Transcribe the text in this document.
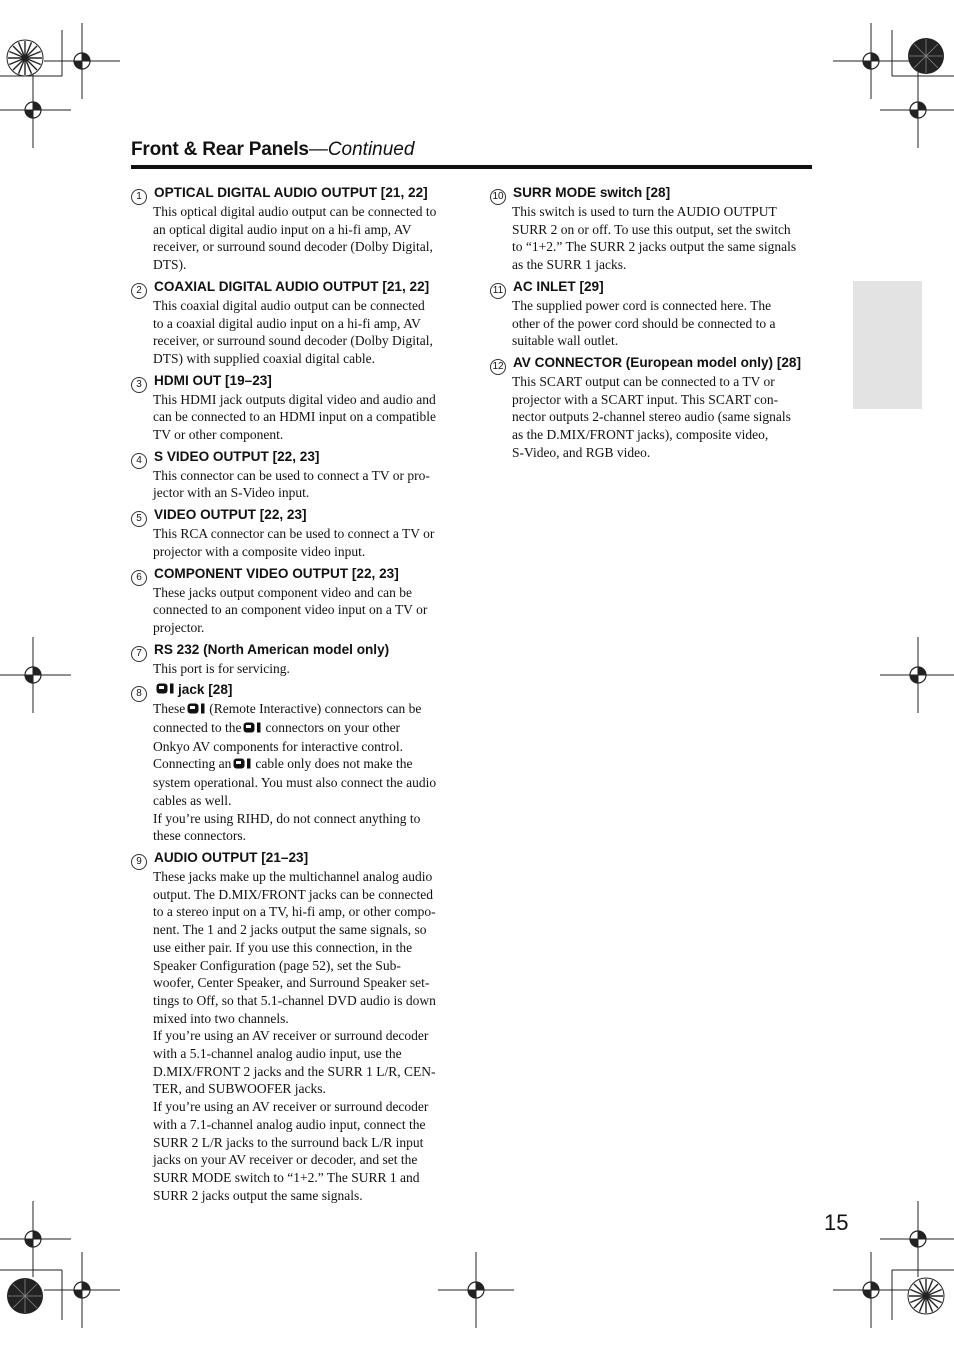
Front & Rear Panels—Continued
1 OPTICAL DIGITAL AUDIO OUTPUT [21, 22]

This optical digital audio output can be connected to
an optical digital audio input on a hi-fi amp, AV
receiver, or surround sound decoder (Dolby Digital,
DTS).

2 COAXIAL DIGITAL AUDIO OUTPUT [21, 22]

This coaxial digital audio output can be connected
to a coaxial digital audio input on a hi-fi amp, AV
receiver, or surround sound decoder (Dolby Digital,
DTS) with supplied coaxial digital cable.

3 HDMI OUT [19–23]

This HDMI jack outputs digital video and audio and
can be connected to an HDMI input on a compatible
TV or other component.

4 S VIDEO OUTPUT [22, 23]

This connector can be used to connect a TV or pro-
jector with an S-Video input.

5 VIDEO OUTPUT [22, 23]

This RCA connector can be used to connect a TV or
projector with a composite video input.

6 COMPONENT VIDEO OUTPUT [22, 23]

These jacks output component video and can be
connected to an component video input on a TV or
projector.

7 RS 232 (North American model only)

This port is for servicing.

8	jack [28]

These (Remote Interactive) connectors can be

connected to the connectors on your other

Onkyo AV components for interactive control.

Connecting an cable only does not make the

system operational. You must also connect the audio
cables as well.

If you’re using RIHD, do not connect anything to
these connectors.

9 AUDIO OUTPUT [21–23]

These jacks make up the multichannel analog audio
output. The D.MIX/FRONT jacks can be connected
to a stereo input on a TV, hi-fi amp, or other compo-
nent. The 1 and 2 jacks output the same signals, so
use either pair. If you use this connection, in the
Speaker Configuration (page 52), set the Sub-
woofer, Center Speaker, and Surround Speaker set-
tings to Off, so that 5.1-channel DVD audio is down
mixed into two channels.

If you’re using an AV receiver or surround decoder
with a 5.1-channel analog audio input, use the
D.MIX/FRONT 2 jacks and the SURR 1 L/R, CEN-
TER, and SUBWOOFER jacks.

If you’re using an AV receiver or surround decoder
with a 7.1-channel analog audio input, connect the
SURR 2 L/R jacks to the surround back L/R input
jacks on your AV receiver or decoder, and set the
SURR MODE switch to “1+2.” The SURR 1 and
SURR 2 jacks output the same signals.

10 SURR MODE switch [28]

This switch is used to turn the AUDIO OUTPUT
SURR 2 on or off. To use this output, set the switch
to “1+2.” The SURR 2 jacks output the same signals
as the SURR 1 jacks.

11 AC INLET [29]

The supplied power cord is connected here. The
other of the power cord should be connected to a
suitable wall outlet.

12 AV CONNECTOR (European model only) [28]

This SCART output can be connected to a TV or
projector with a SCART input. This SCART con-
nector outputs 2-channel stereo audio (same signals
as the D.MIX/FRONT jacks), composite video,
S-Video, and RGB video.

15
